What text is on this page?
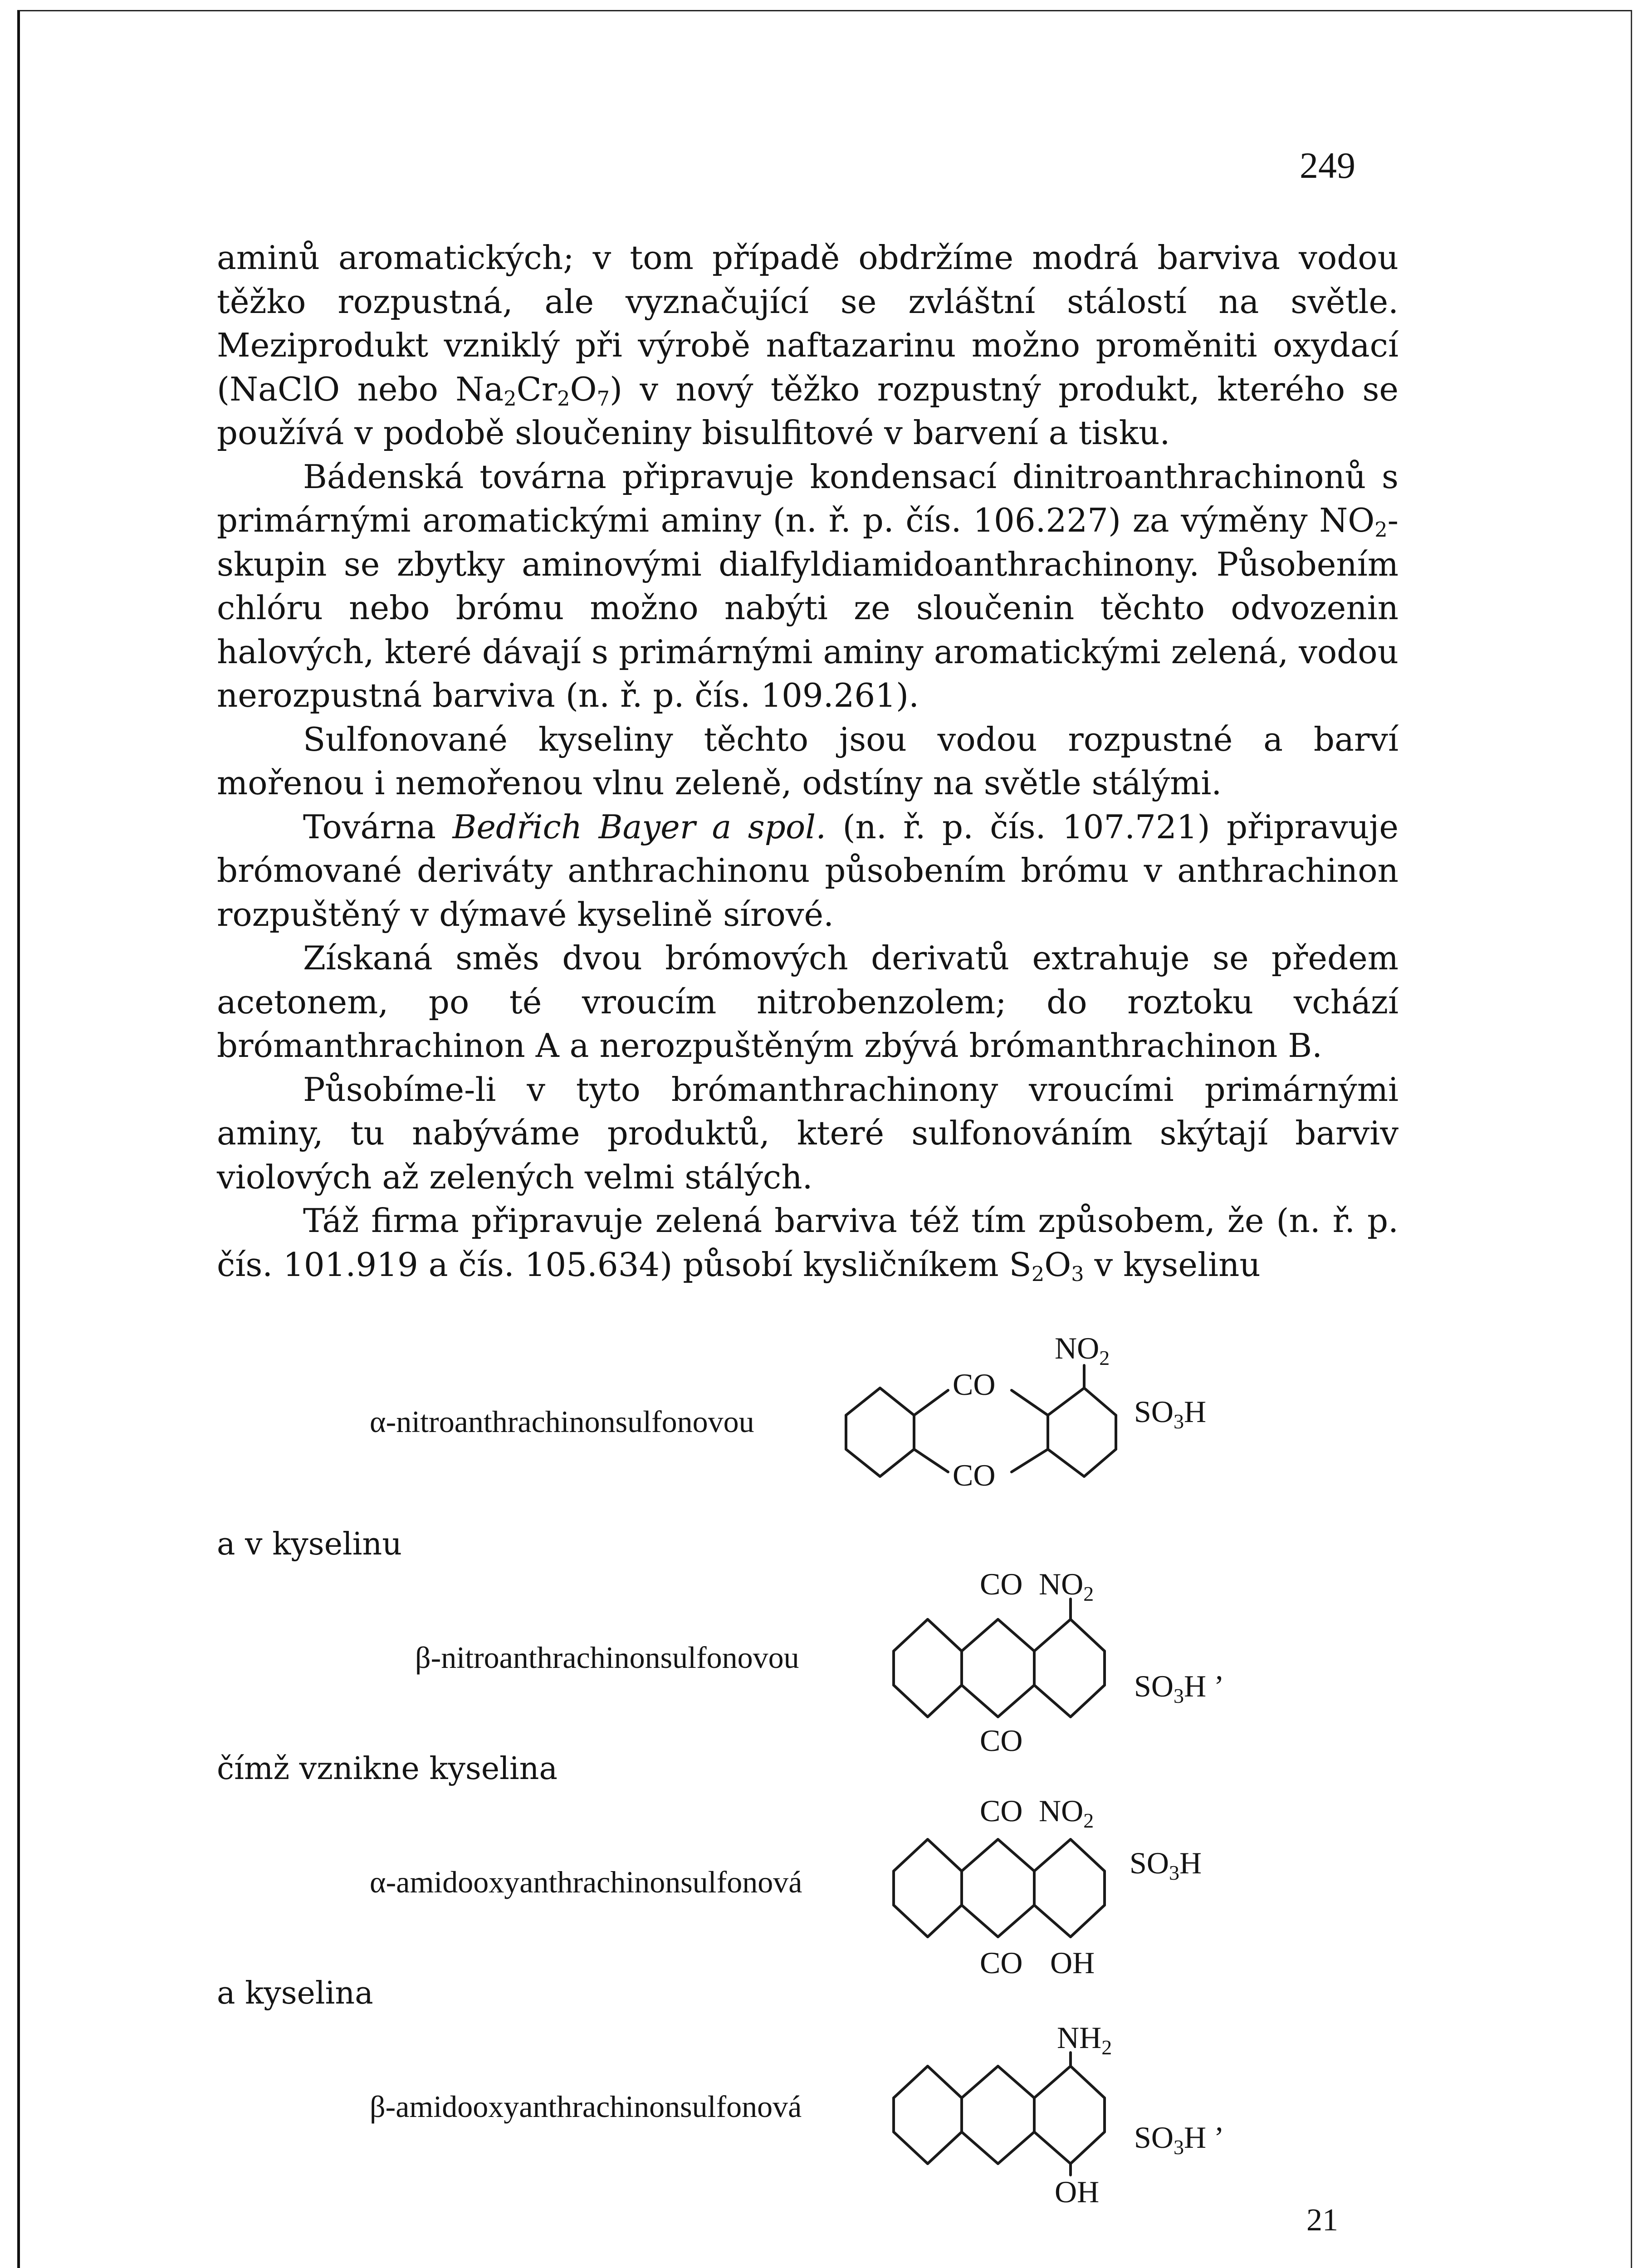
249

aminů aromatických; v tom případě obdržíme modrá barviva vodou těžko rozpustná, ale vyznačující se zvláštní stálostí na světle. Meziprodukt vzniklý při výrobě naftazarinu možno proměniti oxydací (NaClO nebo $Na_2Cr_2O_7$) v nový těžko rozpustný produkt, kterého se používá v podobě sloučeniny bisulfitové v barvení a tisku.

Bádenská továrna připravuje kondensací dinitroanthrachinonů s primárnými aromatickými aminy (n. ř. p. čís. 106.227) za výměny $NO_2$-skupin se zbytky aminovými dialfyldiamidoanthrachinony. Působením chlóru nebo brómu možno nabýti ze sloučenin těchto odvozenin halových, které dávají s primárnými aminy aromatickými zelená, vodou nerozpustná barviva (n. ř. p. čís. 109.261).

Sulfonované kyseliny těchto jsou vodou rozpustné a barví mořenou i nemořenou vlnu zeleně, odstíny na světle stálými.

Továrna Bedřich Bayer a spol. (n. ř. p. čís. 107.721) připravuje brómované deriváty anthrachinonu působením brómu v anthrachinon rozpuštěný v dýmavé kyselině sírové.

Získaná směs dvou brómových derivatů extrahuje se předem acetonem, po té vroucím nitrobenzolem; do roztoku vchází brómanthrachinon A a nerozpuštěným zbývá brómanthrachinon B.

Působíme-li v tyto brómanthrachinony vroucími primárnými aminy, tu nabýváme produktů, které sulfonováním skýtají barviv violových až zelených velmi stálých.

Táž firma připravuje zelená barviva též tím způsobem, že (n. ř. p. čís. 101.919 a čís. 105.634) působí kysličníkem $S_2O_3$ v kyselinu

α-nitroanthrachinonsulfonovou
CO
CO
$NO_2$
$SO_3H$
a v kyselinu
β-nitroanthrachinonsulfonovou
CO
CO
$NO_2$
$SO_3H$ ’
čímž vznikne kyselina
α-amidooxyanthrachinonsulfonová
CO
CO
$NO_2$
OH
$SO_3H$
a kyselina
β-amidooxyanthrachinonsulfonová
$NH_2$
OH
$SO_3H$ ’
21
